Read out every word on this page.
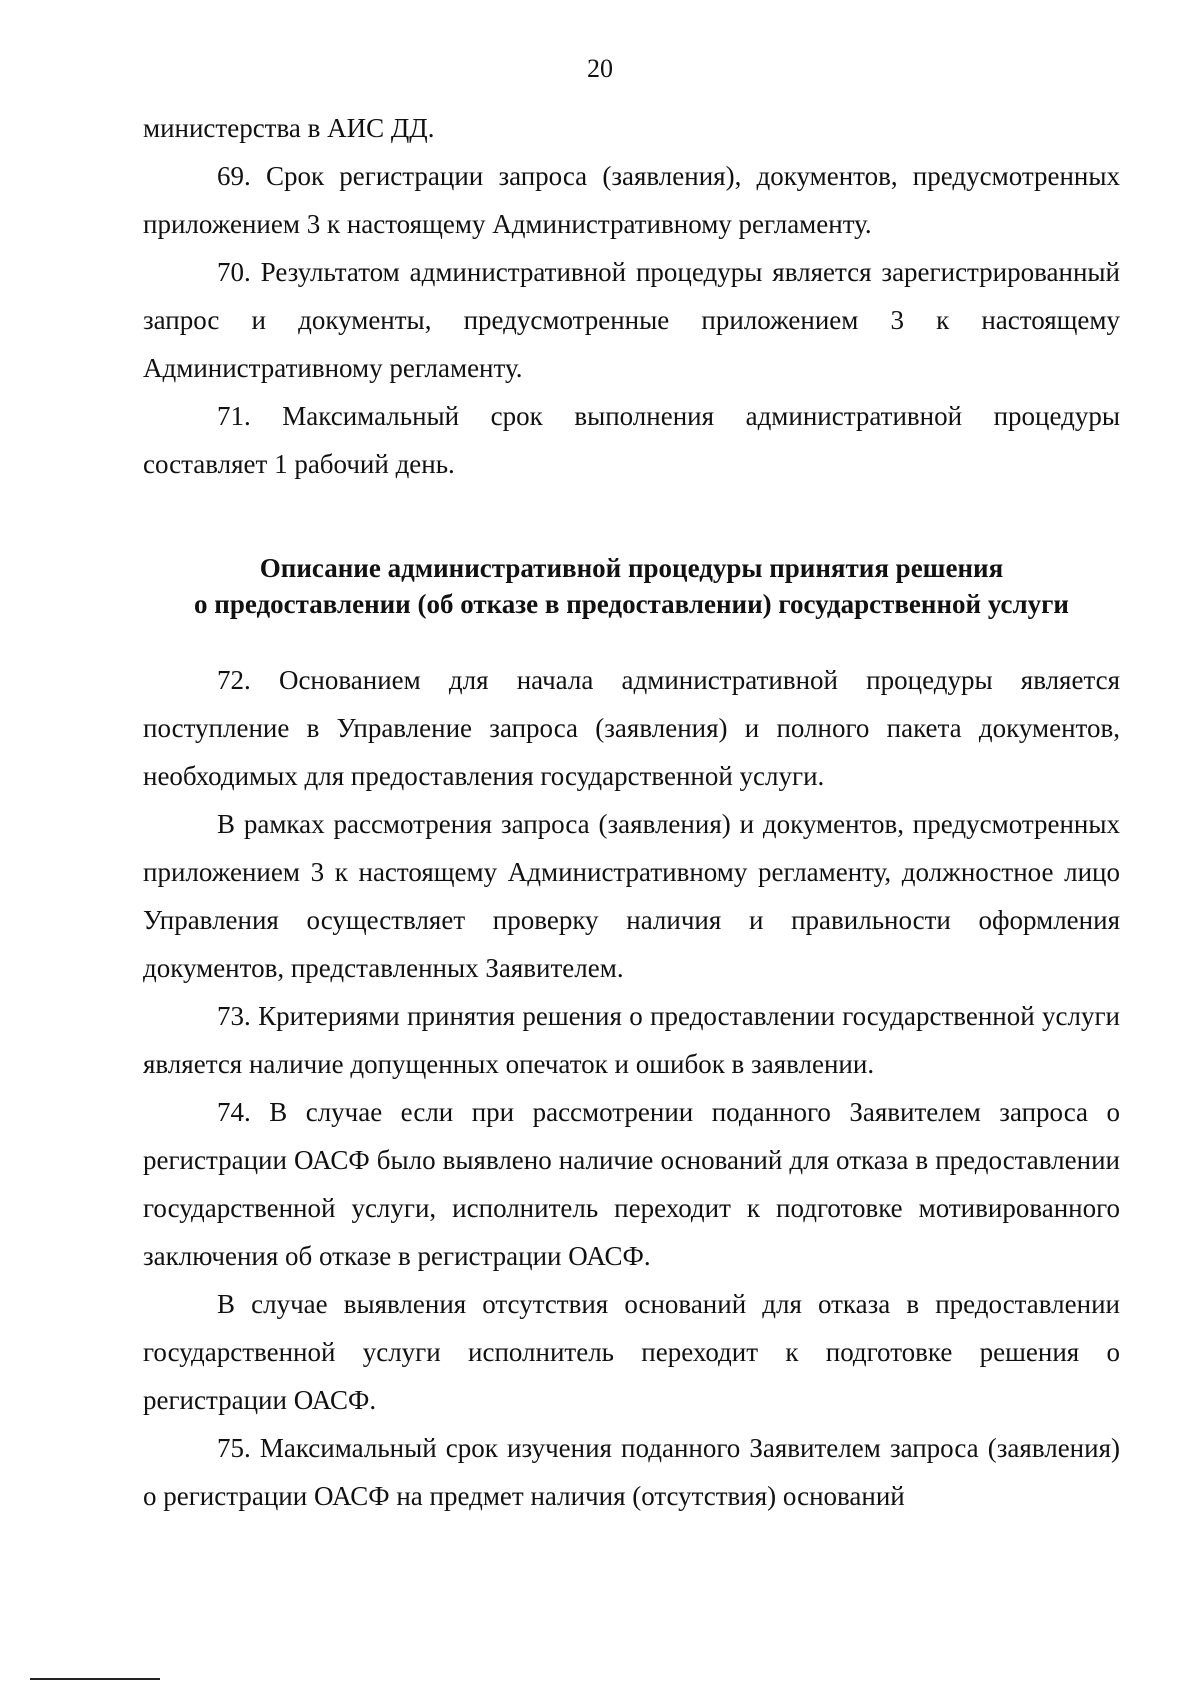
20

министерства в АИС ДД.

69. Срок регистрации запроса (заявления), документов, предусмотренных приложением 3 к настоящему Административному регламенту.

70. Результатом административной процедуры является зарегистрированный запрос и документы, предусмотренные приложением 3 к настоящему Административному регламенту.

71. Максимальный срок выполнения административной процедуры составляет 1 рабочий день.

Описание административной процедуры принятия решения
о предоставлении (об отказе в предоставлении) государственной услуги

72. Основанием для начала административной процедуры является поступление в Управление запроса (заявления) и полного пакета документов, необходимых для предоставления государственной услуги.

В рамках рассмотрения запроса (заявления) и документов, предусмотренных приложением 3 к настоящему Административному регламенту, должностное лицо Управления осуществляет проверку наличия и правильности оформления документов, представленных Заявителем.

73. Критериями принятия решения о предоставлении государственной услуги является наличие допущенных опечаток и ошибок в заявлении.

74. В случае если при рассмотрении поданного Заявителем запроса о регистрации ОАСФ было выявлено наличие оснований для отказа в предоставлении государственной услуги, исполнитель переходит к подготовке мотивированного заключения об отказе в регистрации ОАСФ.

В случае выявления отсутствия оснований для отказа в предоставлении государственной услуги исполнитель переходит к подготовке решения о регистрации ОАСФ.

75. Максимальный срок изучения поданного Заявителем запроса (заявления) о регистрации ОАСФ на предмет наличия (отсутствия) оснований
